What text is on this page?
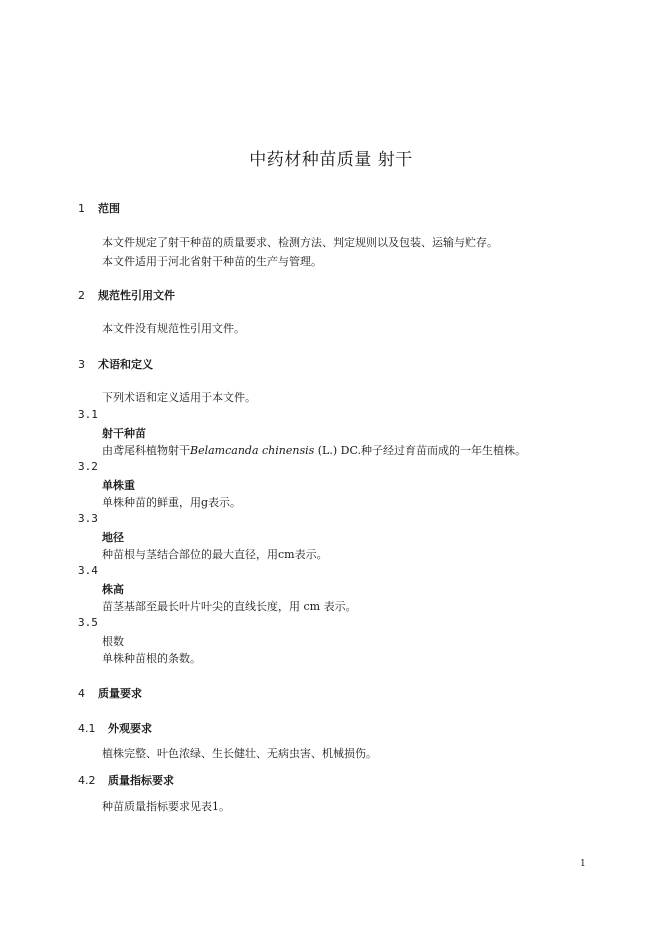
中药材种苗质量 射干
1 范围
本文件规定了射干种苗的质量要求、检测方法、判定规则以及包装、运输与贮存。
本文件适用于河北省射干种苗的生产与管理。
2 规范性引用文件
本文件没有规范性引用文件。
3 术语和定义
下列术语和定义适用于本文件。
3.1
射干种苗
由鸢尾科植物射干Belamcanda chinensis (L.) DC.种子经过育苗而成的一年生植株。
3.2
单株重
单株种苗的鲜重，用g表示。
3.3
地径
种苗根与茎结合部位的最大直径，用cm表示。
3.4
株高
苗茎基部至最长叶片叶尖的直线长度，用 cm 表示。
3.5
根数
单株种苗根的条数。
4 质量要求
4.1 外观要求
植株完整、叶色浓绿、生长健壮、无病虫害、机械损伤。
4.2 质量指标要求
种苗质量指标要求见表1。
1
